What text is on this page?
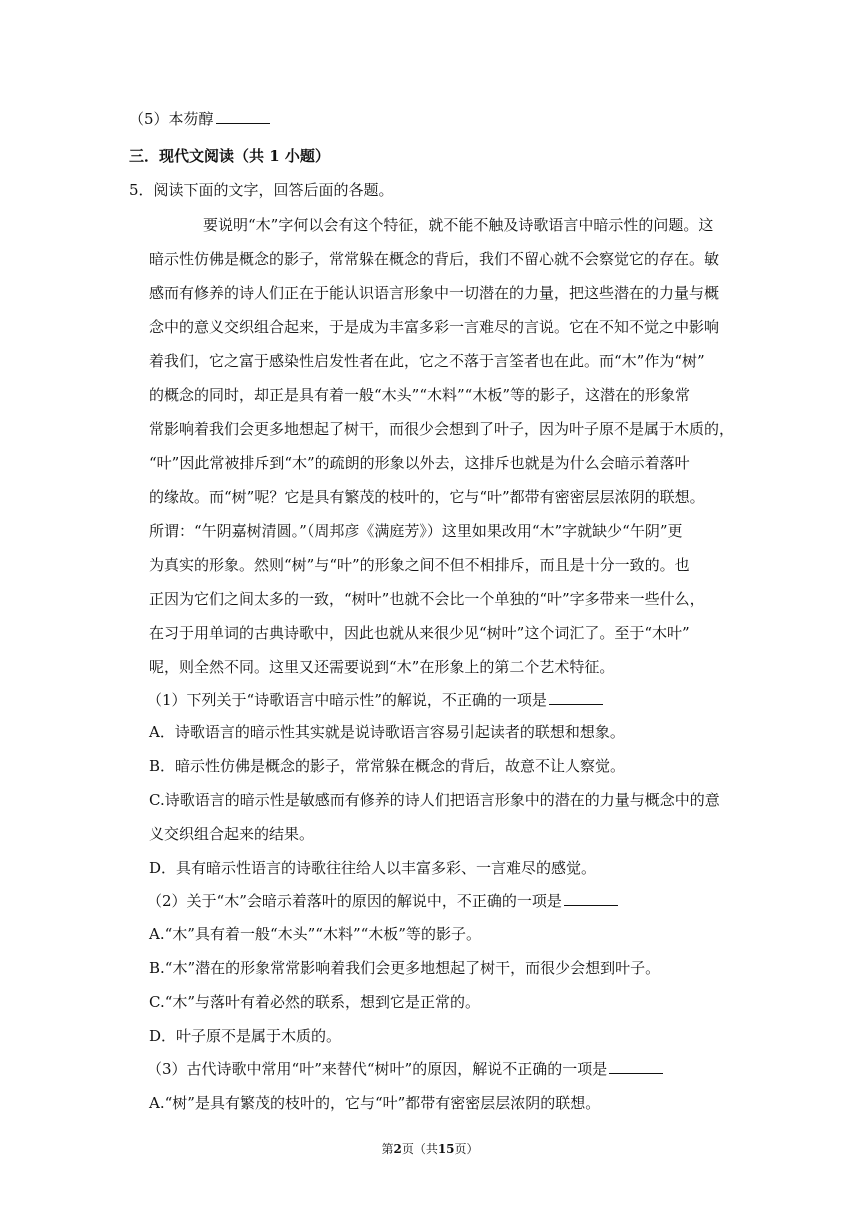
（5）本芴醇
三．现代文阅读（共 1 小题）
5．阅读下面的文字，回答后面的各题。
要说明“木”字何以会有这个特征，就不能不触及诗歌语言中暗示性的问题。这
暗示性仿佛是概念的影子，常常躲在概念的背后，我们不留心就不会察觉它的存在。敏
感而有修养的诗人们正在于能认识语言形象中一切潜在的力量，把这些潜在的力量与概
念中的意义交织组合起来，于是成为丰富多彩一言难尽的言说。它在不知不觉之中影响
着我们，它之富于感染性启发性者在此，它之不落于言筌者也在此。而“木”作为“树”
的概念的同时，却正是具有着一般“木头”“木料”“木板”等的影子，这潜在的形象常
常影响着我们会更多地想起了树干，而很少会想到了叶子，因为叶子原不是属于木质的，
“叶”因此常被排斥到“木”的疏朗的形象以外去，这排斥也就是为什么会暗示着落叶
的缘故。而“树”呢？它是具有繁茂的枝叶的，它与“叶”都带有密密层层浓阴的联想。
所谓：“午阴嘉树清圆。”（周邦彦《满庭芳》）这里如果改用“木”字就缺少“午阴”更
为真实的形象。然则“树”与“叶”的形象之间不但不相排斥，而且是十分一致的。也
正因为它们之间太多的一致，“树叶”也就不会比一个单独的“叶”字多带来一些什么，
在习于用单词的古典诗歌中，因此也就从来很少见“树叶”这个词汇了。至于“木叶”
呢，则全然不同。这里又还需要说到“木”在形象上的第二个艺术特征。
（1）下列关于“诗歌语言中暗示性”的解说，不正确的一项是
A．诗歌语言的暗示性其实就是说诗歌语言容易引起读者的联想和想象。
B．暗示性仿佛是概念的影子，常常躲在概念的背后，故意不让人察觉。
C.诗歌语言的暗示性是敏感而有修养的诗人们把语言形象中的潜在的力量与概念中的意
义交织组合起来的结果。
D．具有暗示性语言的诗歌往往给人以丰富多彩、一言难尽的感觉。
（2）关于“木”会暗示着落叶的原因的解说中，不正确的一项是
A.“木”具有着一般“木头”“木料”“木板”等的影子。
B.“木”潜在的形象常常影响着我们会更多地想起了树干，而很少会想到叶子。
C.“木”与落叶有着必然的联系，想到它是正常的。
D．叶子原不是属于木质的。
（3）古代诗歌中常用“叶”来替代“树叶”的原因，解说不正确的一项是
A.“树”是具有繁茂的枝叶的，它与“叶”都带有密密层层浓阴的联想。
第2页（共15页）
